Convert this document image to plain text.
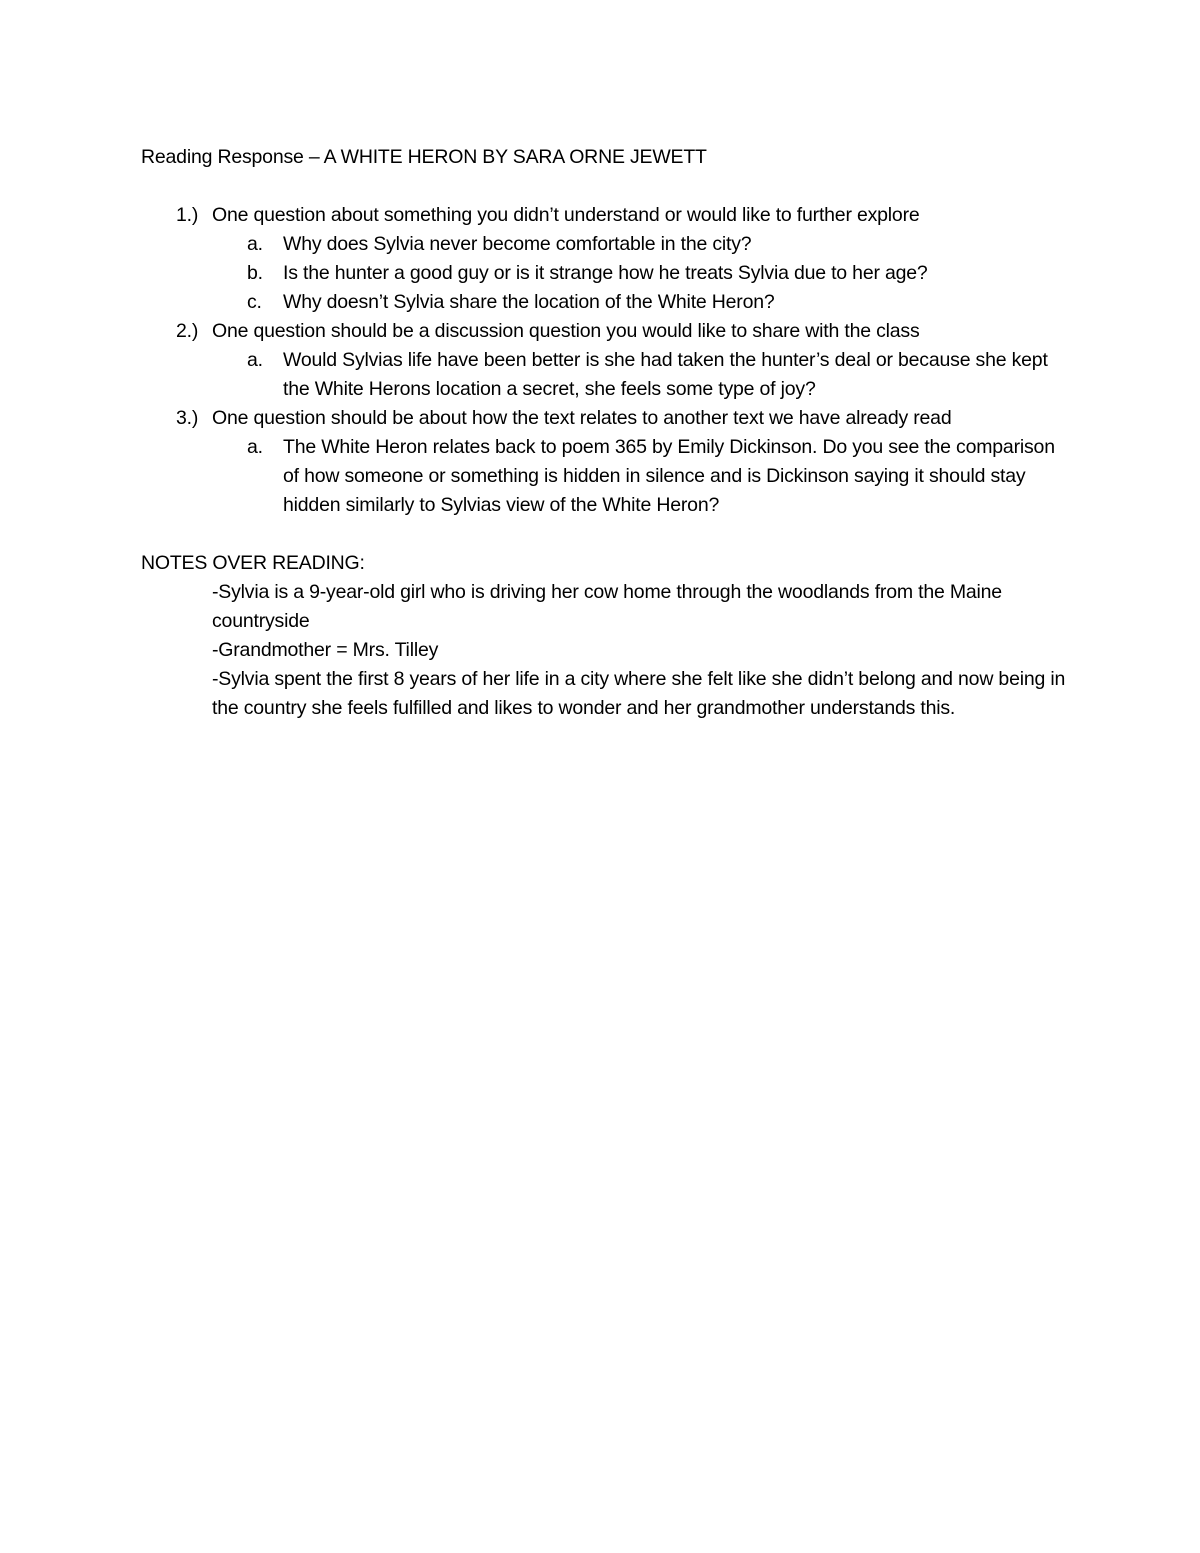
Reading Response – A WHITE HERON BY SARA ORNE JEWETT
1.) One question about something you didn’t understand or would like to further explore
a. Why does Sylvia never become comfortable in the city?
b. Is the hunter a good guy or is it strange how he treats Sylvia due to her age?
c. Why doesn’t Sylvia share the location of the White Heron?
2.) One question should be a discussion question you would like to share with the class
a. Would Sylvias life have been better is she had taken the hunter’s deal or because she kept the White Herons location a secret, she feels some type of joy?
3.) One question should be about how the text relates to another text we have already read
a. The White Heron relates back to poem 365 by Emily Dickinson. Do you see the comparison of how someone or something is hidden in silence and is Dickinson saying it should stay hidden similarly to Sylvias view of the White Heron?
NOTES OVER READING:
-Sylvia is a 9-year-old girl who is driving her cow home through the woodlands from the Maine countryside
-Grandmother = Mrs. Tilley
-Sylvia spent the first 8 years of her life in a city where she felt like she didn’t belong and now being in the country she feels fulfilled and likes to wonder and her grandmother understands this.
